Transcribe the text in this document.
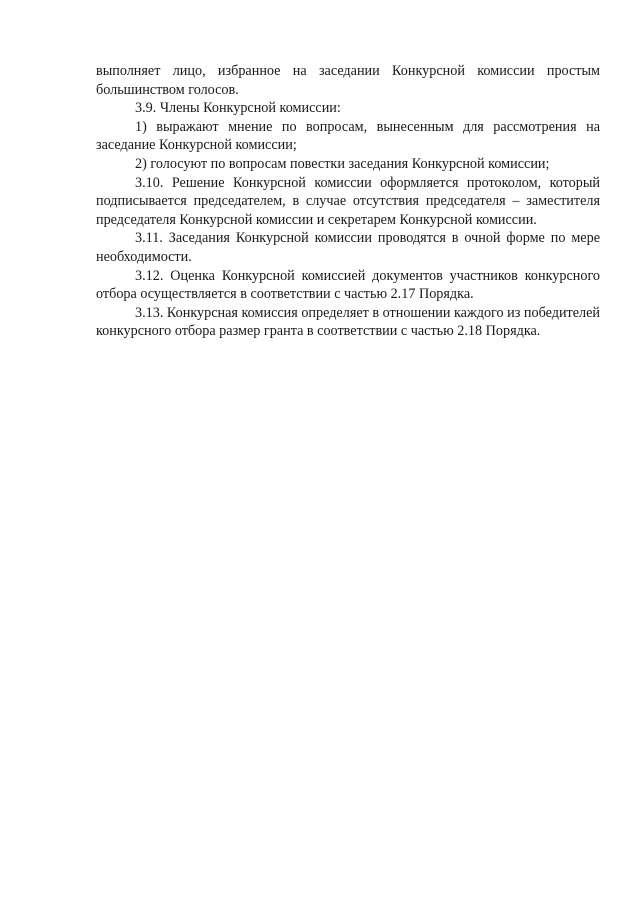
выполняет лицо, избранное на заседании Конкурсной комиссии простым большинством голосов.

3.9. Члены Конкурсной комиссии:

1) выражают мнение по вопросам, вынесенным для рассмотрения на заседание Конкурсной комиссии;

2) голосуют по вопросам повестки заседания Конкурсной комиссии;

3.10. Решение Конкурсной комиссии оформляется протоколом, который подписывается председателем, в случае отсутствия председателя – заместителя председателя Конкурсной комиссии и секретарем Конкурсной комиссии.

3.11. Заседания Конкурсной комиссии проводятся в очной форме по мере необходимости.

3.12. Оценка Конкурсной комиссией документов участников конкурсного отбора осуществляется в соответствии с частью 2.17 Порядка.

3.13. Конкурсная комиссия определяет в отношении каждого из победителей конкурсного отбора размер гранта в соответствии с частью 2.18 Порядка.
